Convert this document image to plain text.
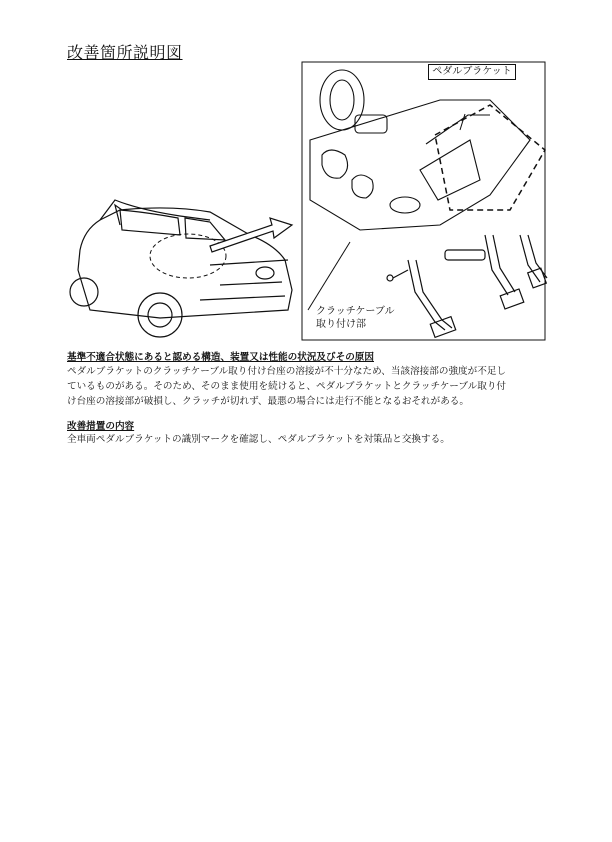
改善箇所説明図
ペダルブラケット
クラッチケーブル
取り付け部
基準不適合状態にあると認める構造、装置又は性能の状況及びその原因
ペダルブラケットのクラッチケーブル取り付け台座の溶接が不十分なため、当該溶接部の強度が不足し
ているものがある。そのため、そのまま使用を続けると、ペダルブラケットとクラッチケーブル取り付
け台座の溶接部が破損し、クラッチが切れず、最悪の場合には走行不能となるおそれがある。
改善措置の内容
全車両ペダルブラケットの識別マークを確認し、ペダルブラケットを対策品と交換する。
